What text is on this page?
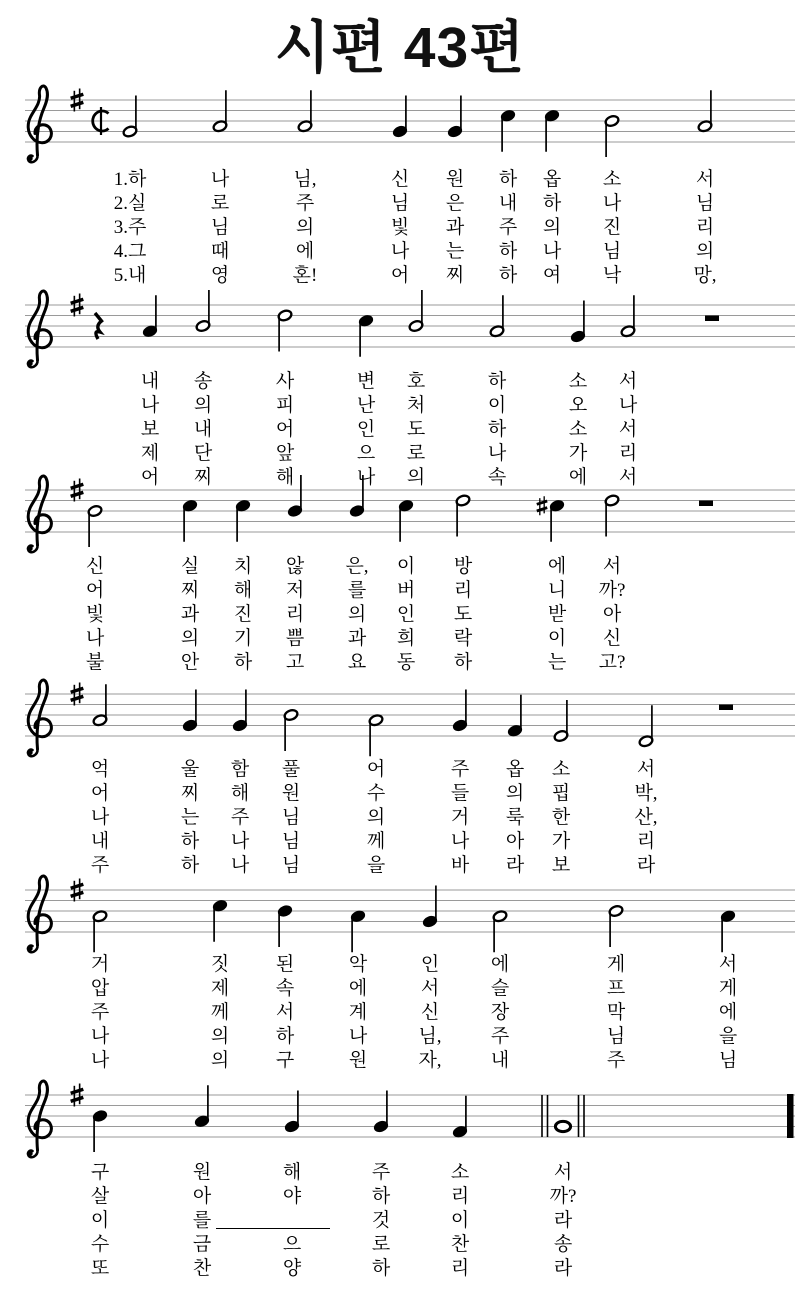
시편 43편
1.하
2.실
3.주
4.그
5.내
나
로
님
때
영
님,
주
의
에
혼!
신
님
빛
나
어
원
은
과
는
찌
하
내
주
하
하
옵
하
의
나
여
소
나
진
님
낙
서
님
리
의
망,
내
나
보
제
어
송
의
내
단
찌
사
피
어
앞
해
변
난
인
으
나
호
처
도
로
의
하
이
하
나
속
소
오
소
가
에
서
나
서
리
서
신
어
빛
나
불
실
찌
과
의
안
치
해
진
기
하
않
저
리
쁨
고
은,
를
의
과
요
이
버
인
희
동
방
리
도
락
하
에
니
받
이
는
서
까?
아
신
고?
억
어
나
내
주
울
찌
는
하
하
함
해
주
나
나
풀
원
님
님
님
어
수
의
께
을
주
들
거
나
바
옵
의
룩
아
라
소
핍
한
가
보
서
박,
산,
리
라
거
압
주
나
나
짓
제
께
의
의
된
속
서
하
구
악
에
계
나
원
인
서
신
님,
자,
에
슬
장
주
내
게
프
막
님
주
서
게
에
을
님
구
살
이
수
또
원
아
를
금
찬
해
야
으
양
주
하
것
로
하
소
리
이
찬
리
서
까?
라
송
라
